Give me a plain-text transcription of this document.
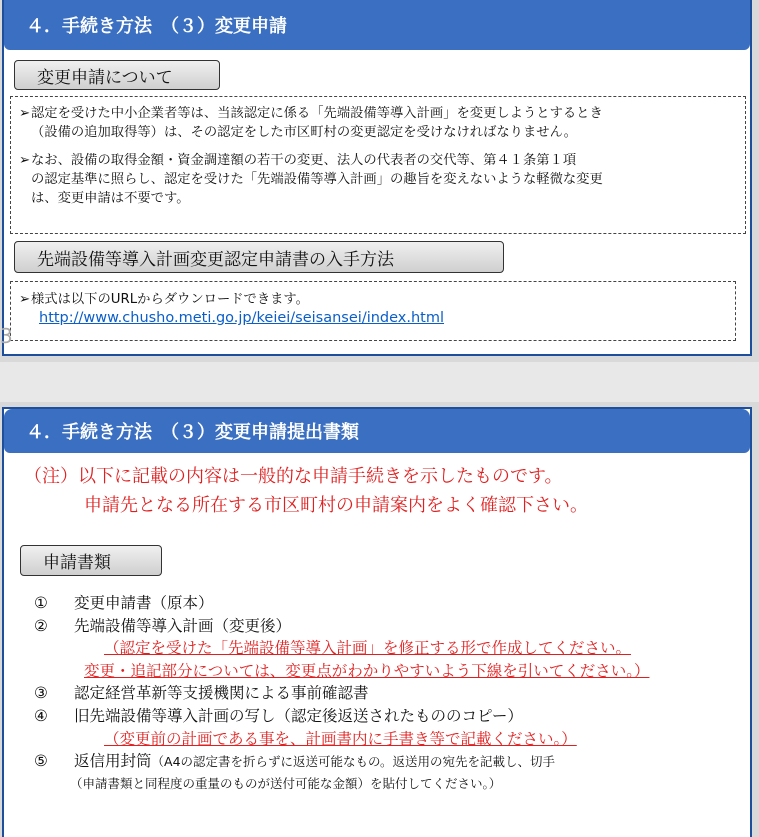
４．手続き方法　（３）変更申請
変更申請について
➢ 認定を受けた中小企業者等は、当該認定に係る「先端設備等導入計画」を変更しようとするとき
（設備の追加取得等）は、その認定をした市区町村の変更認定を受けなければなりません。
➢ なお、設備の取得金額・資金調達額の若干の変更、法人の代表者の交代等、第４１条第１項
の認定基準に照らし、認定を受けた「先端設備等導入計画」の趣旨を変えないような軽微な変更
は、変更申請は不要です。
先端設備等導入計画変更認定申請書の入手方法
➢ 様式は以下のURLからダウンロードできます。
http://www.chusho.meti.go.jp/keiei/seisansei/index.html
3
４．手続き方法　（３）変更申請提出書類
（注）以下に記載の内容は一般的な申請手続きを示したものです。
申請先となる所在する市区町村の申請案内をよく確認下さい。
申請書類
①	変更申請書（原本）
②	先端設備等導入計画（変更後）
（認定を受けた「先端設備等導入計画」を修正する形で作成してください。
変更・追記部分については、変更点がわかりやすいよう下線を引いてください。）
③	認定経営革新等支援機関による事前確認書
④	旧先端設備等導入計画の写し（認定後返送されたもののコピー）
（変更前の計画である事を、計画書内に手書き等で記載ください。）
⑤	返信用封筒（A4の認定書を折らずに返送可能なもの。返送用の宛先を記載し、切手
（申請書類と同程度の重量のものが送付可能な金額）を貼付してください。）
